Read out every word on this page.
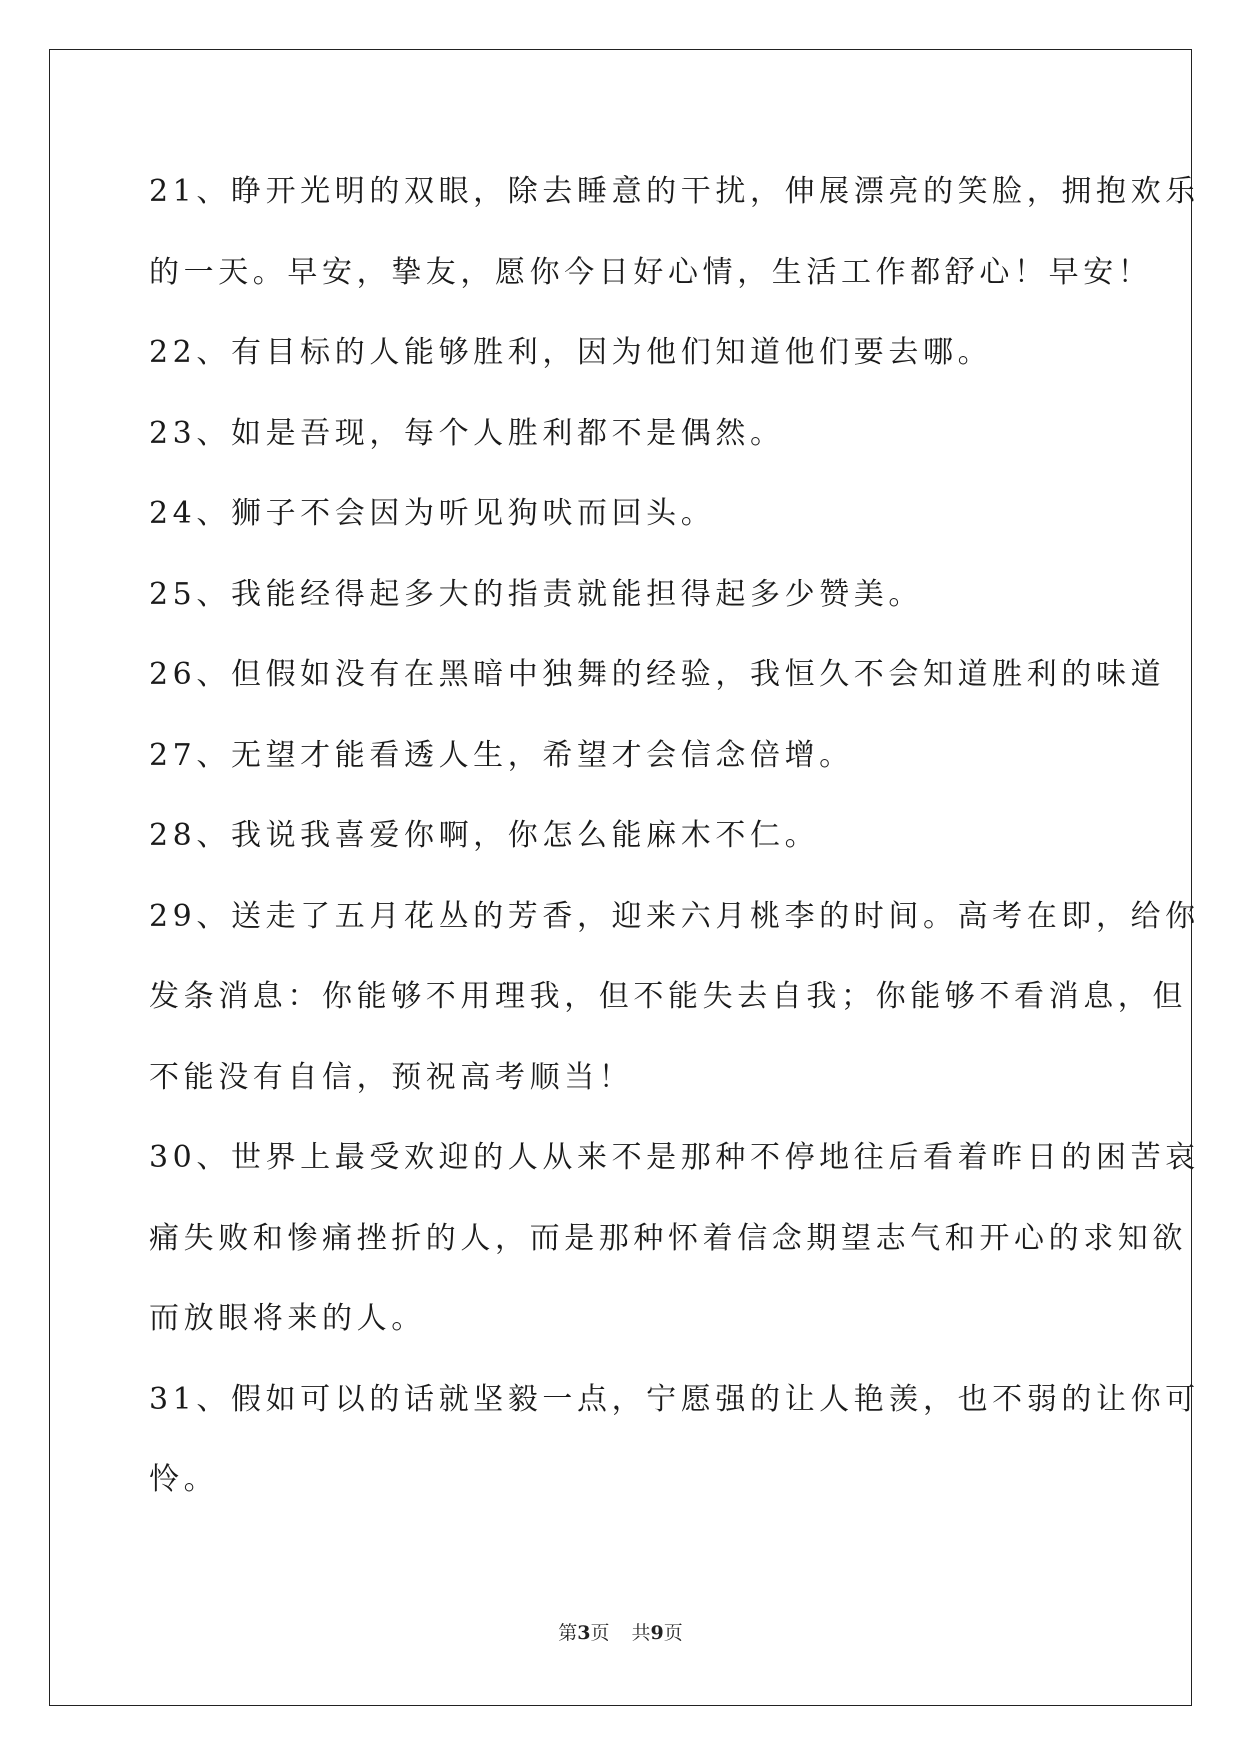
21、睁开光明的双眼，除去睡意的干扰，伸展漂亮的笑脸，拥抱欢乐
的一天。早安，挚友，愿你今日好心情，生活工作都舒心！早安！

22、有目标的人能够胜利，因为他们知道他们要去哪。

23、如是吾现，每个人胜利都不是偶然。

24、狮子不会因为听见狗吠而回头。

25、我能经得起多大的指责就能担得起多少赞美。

26、但假如没有在黑暗中独舞的经验，我恒久不会知道胜利的味道

27、无望才能看透人生，希望才会信念倍增。

28、我说我喜爱你啊，你怎么能麻木不仁。

29、送走了五月花丛的芳香，迎来六月桃李的时间。高考在即，给你
发条消息：你能够不用理我，但不能失去自我；你能够不看消息，但
不能没有自信，预祝高考顺当！

30、世界上最受欢迎的人从来不是那种不停地往后看着昨日的困苦哀
痛失败和惨痛挫折的人，而是那种怀着信念期望志气和开心的求知欲
而放眼将来的人。

31、假如可以的话就坚毅一点，宁愿强的让人艳羡，也不弱的让你可
怜。

第3页 共9页
